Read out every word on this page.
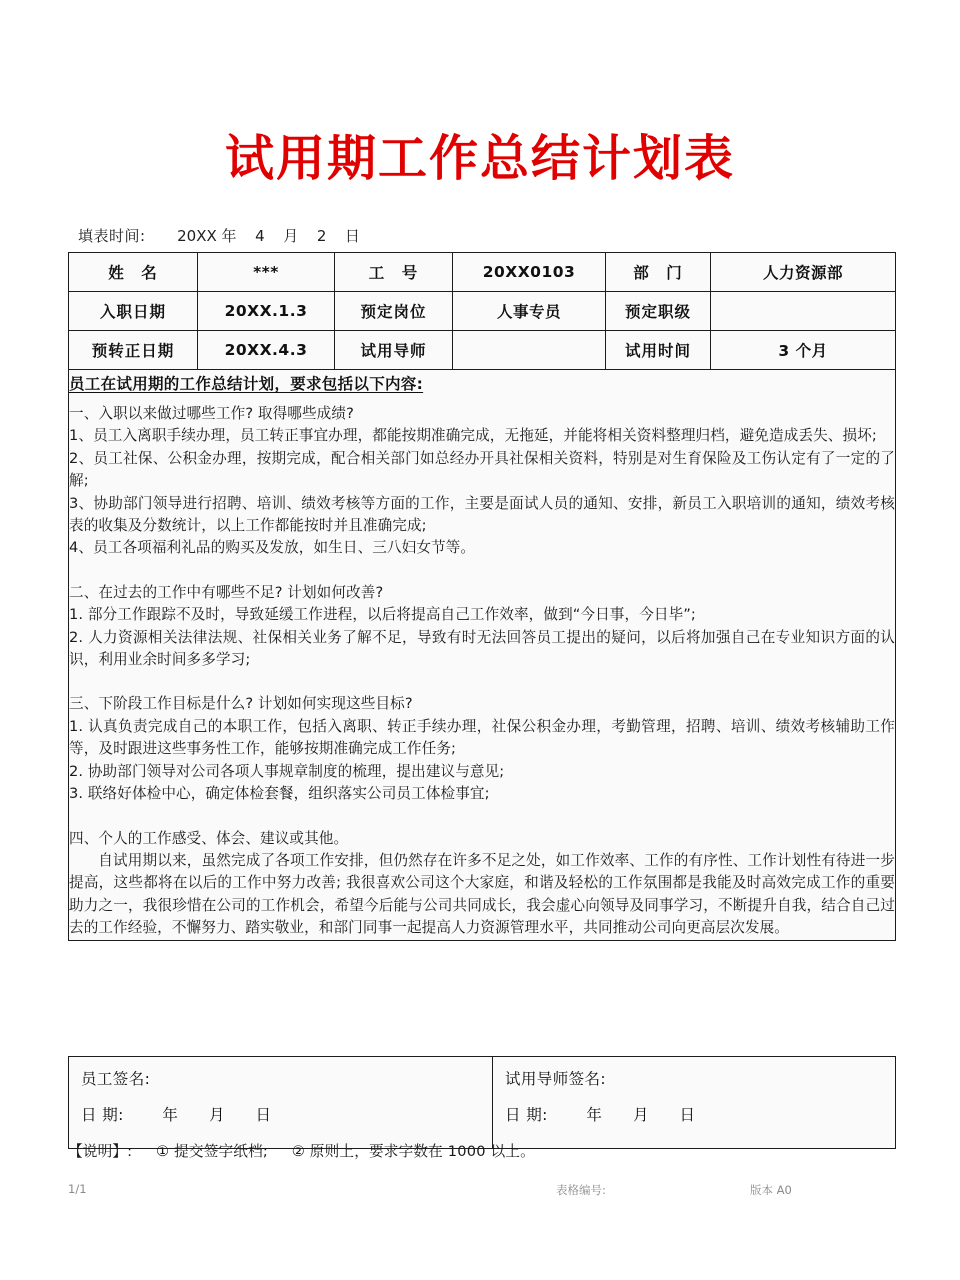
试用期工作总结计划表
填表时间: 20XX 年 4 月 2 日
姓　名	***	工　号	20XX0103	部　门	人力资源部
入职日期	20XX.1.3	预定岗位	人事专员	预定职级	
预转正日期	20XX.4.3	试用导师		试用时间	3 个月

员工在试用期的工作总结计划，要求包括以下内容:

一、入职以来做过哪些工作? 取得哪些成绩?

1、员工入离职手续办理，员工转正事宜办理，都能按期准确完成，无拖延，并能将相关资料整理归档，避免造成丢失、损坏;

2、员工社保、公积金办理，按期完成，配合相关部门如总经办开具社保相关资料，特别是对生育保险及工伤认定有了一定的了解;

3、协助部门领导进行招聘、培训、绩效考核等方面的工作，主要是面试人员的通知、安排，新员工入职培训的通知，绩效考核表的收集及分数统计，以上工作都能按时并且准确完成;

4、员工各项福利礼品的购买及发放，如生日、三八妇女节等。

二、在过去的工作中有哪些不足? 计划如何改善?

1. 部分工作跟踪不及时，导致延缓工作进程，以后将提高自己工作效率，做到“今日事，今日毕”;

2. 人力资源相关法律法规、社保相关业务了解不足，导致有时无法回答员工提出的疑问，以后将加强自己在专业知识方面的认识，利用业余时间多多学习;

三、下阶段工作目标是什么? 计划如何实现这些目标?

1. 认真负责完成自己的本职工作，包括入离职、转正手续办理，社保公积金办理，考勤管理，招聘、培训、绩效考核辅助工作等，及时跟进这些事务性工作，能够按期准确完成工作任务;

2. 协助部门领导对公司各项人事规章制度的梳理，提出建议与意见;

3. 联络好体检中心，确定体检套餐，组织落实公司员工体检事宜;

四、个人的工作感受、体会、建议或其他。

自试用期以来，虽然完成了各项工作安排，但仍然存在许多不足之处，如工作效率、工作的有序性、工作计划性有待进一步提高，这些都将在以后的工作中努力改善; 我很喜欢公司这个大家庭，和谐及轻松的工作氛围都是我能及时高效完成工作的重要助力之一，我很珍惜在公司的工作机会，希望今后能与公司共同成长，我会虚心向领导及同事学习，不断提升自我，结合自己过去的工作经验，不懈努力、踏实敬业，和部门同事一起提高人力资源管理水平，共同推动公司向更高层次发展。

员工签名:
日 期: 年 月 日

试用导师签名:
日 期: 年 月 日
【说明】: ① 提交签字纸档; ② 原则上，要求字数在 1000 以上。
1/1	表格编号:	版本 A0
